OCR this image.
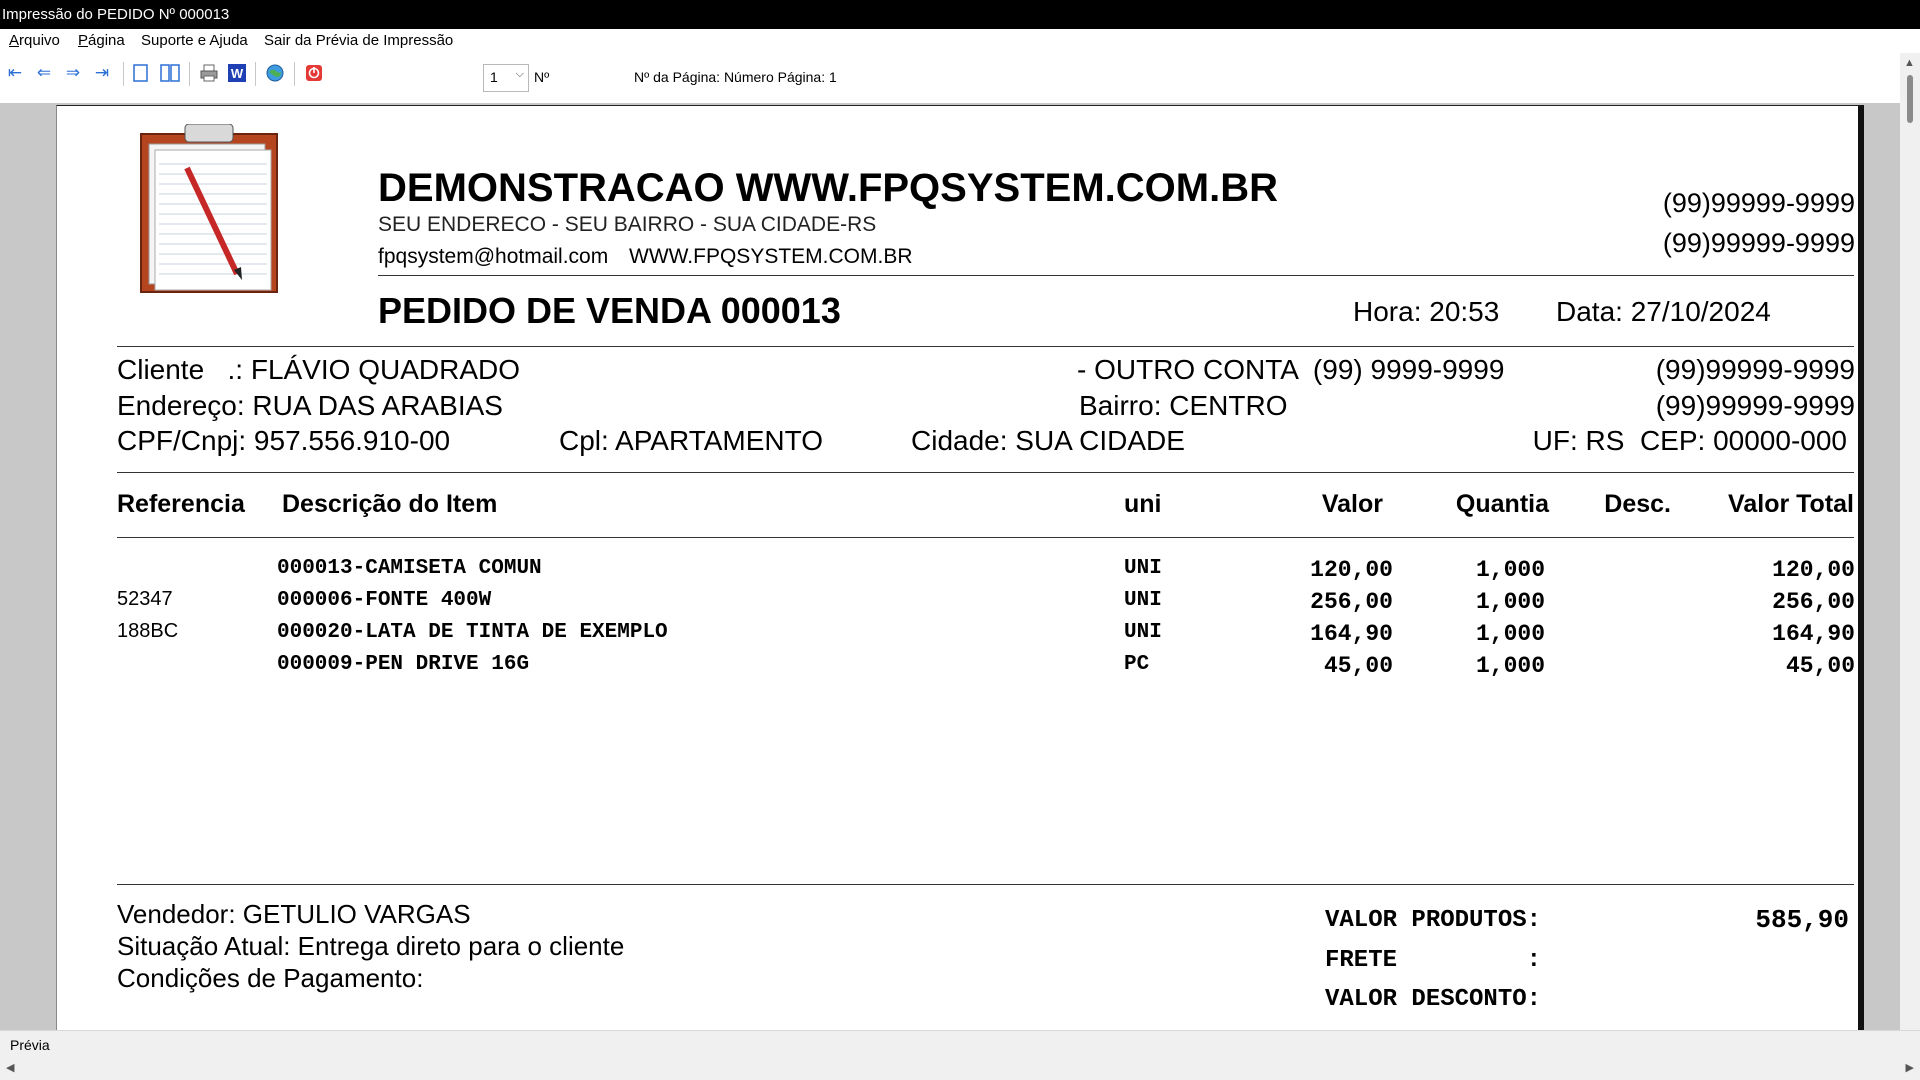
Impressão do PEDIDO Nº 000013
Arquivo Página Suporte e Ajuda Sair da Prévia de Impressão
⇤ ⇐ ⇒ ⇥	W	1 ⌵ Nº	Nº da Página: Número Página: 1
DEMONSTRACAO WWW.FPQSYSTEM.COM.BR
SEU ENDERECO - SEU BAIRRO - SUA CIDADE-RS
fpqsystem@hotmail.com WWW.FPQSYSTEM.COM.BR
(99)99999-9999
(99)99999-9999
PEDIDO DE VENDA 000013	Hora: 20:53 Data: 27/10/2024
Cliente   .: FLÁVIO QUADRADO
Endereço: RUA DAS ARABIAS
CPF/Cnpj: 957.556.910-00	Cpl: APARTAMENTO	Cidade: SUA CIDADE
- OUTRO CONTA  (99) 9999-9999	(99)99999-9999
Bairro: CENTRO	(99)99999-9999
UF: RS  CEP: 00000-000
Referencia Descrição do Item	uni	Valor	Quantia	Desc.	Valor Total
000013-CAMISETA COMUN	UNI	120,00	1,000	120,00
52347	000006-FONTE 400W	UNI	256,00	1,000	256,00
188BC	000020-LATA DE TINTA DE EXEMPLO	UNI	164,90	1,000	164,90
000009-PEN DRIVE 16G	PC	45,00	1,000	45,00
Vendedor: GETULIO VARGAS
Situação Atual: Entrega direto para o cliente
Condições de Pagamento:
VALOR PRODUTOS:	585,90
FRETE         :
VALOR DESCONTO:
▲
Prévia
◀	▶
